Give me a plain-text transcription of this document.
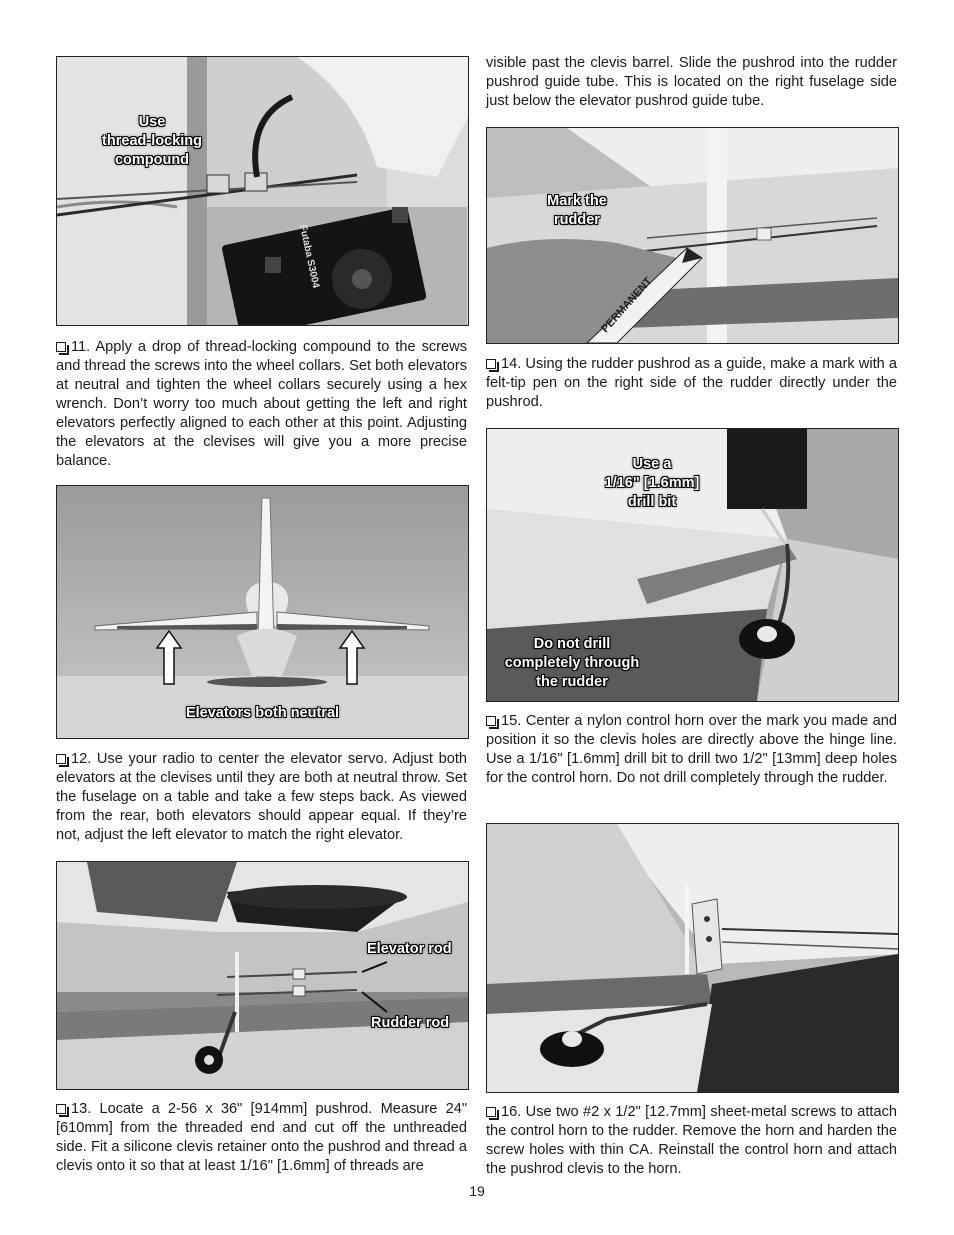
Use
thread-locking
compound
Futaba S3004
11. Apply a drop of thread-locking compound to the screws and thread the screws into the wheel collars. Set both elevators at neutral and tighten the wheel collars securely using a hex wrench. Don’t worry too much about getting the left and right elevators perfectly aligned to each other at this point. Adjusting the elevators at the clevises will give you a more precise balance.
Elevators both neutral
12. Use your radio to center the elevator servo. Adjust both elevators at the clevises until they are both at neutral throw. Set the fuselage on a table and take a few steps back. As viewed from the rear, both elevators should appear equal. If they’re not, adjust the left elevator to match the right elevator.
Elevator rod
Rudder rod
13. Locate a 2-56 x 36" [914mm] pushrod. Measure 24" [610mm] from the threaded end and cut off the unthreaded side. Fit a silicone clevis retainer onto the pushrod and thread a clevis onto it so that at least 1/16" [1.6mm] of threads are
visible past the clevis barrel. Slide the pushrod into the rudder pushrod guide tube. This is located on the right fuselage side just below the elevator pushrod guide tube.
Mark the
rudder
PERMANENT
14. Using the rudder pushrod as a guide, make a mark with a felt-tip pen on the right side of the rudder directly under the pushrod.
Use a
1/16" [1.6mm]
drill bit
Do not drill
completely through
the rudder
15. Center a nylon control horn over the mark you made and position it so the clevis holes are directly above the hinge line. Use a 1/16" [1.6mm] drill bit to drill two 1/2" [13mm] deep holes for the control horn. Do not drill completely through the rudder.
16. Use two #2 x 1/2" [12.7mm] sheet-metal screws to attach the control horn to the rudder. Remove the horn and harden the screw holes with thin CA. Reinstall the control horn and attach the pushrod clevis to the horn.
19
